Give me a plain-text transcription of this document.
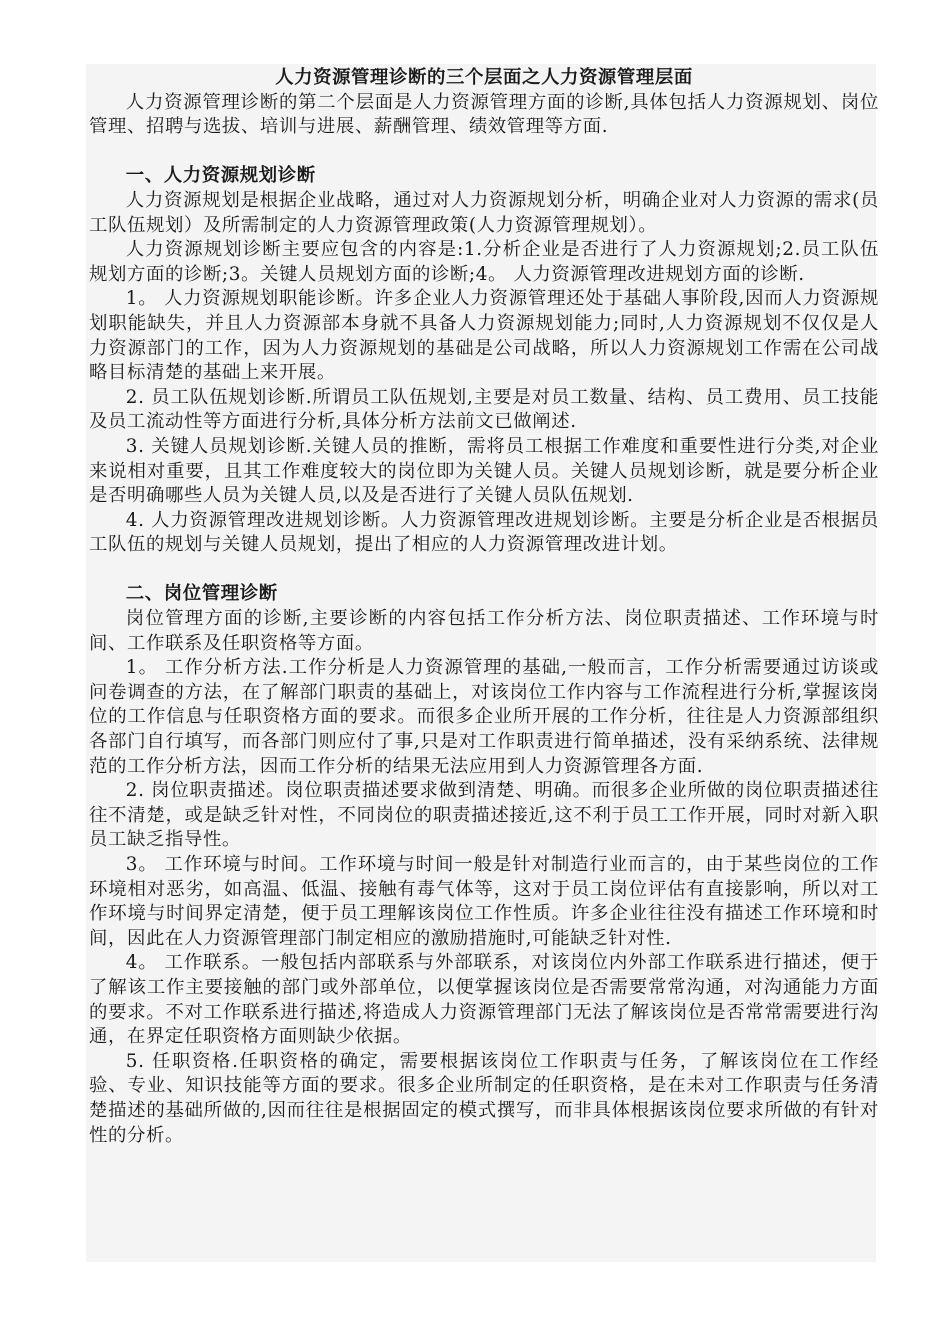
人力资源管理诊断的三个层面之人力资源管理层面

人力资源管理诊断的第二个层面是人力资源管理方面的诊断,具体包括人力资源规划、岗位管理、招聘与选拔、培训与进展、薪酬管理、绩效管理等方面.

一、人力资源规划诊断

人力资源规划是根据企业战略，通过对人力资源规划分析，明确企业对人力资源的需求(员工队伍规划）及所需制定的人力资源管理政策(人力资源管理规划）。

人力资源规划诊断主要应包含的内容是:1.分析企业是否进行了人力资源规划;2.员工队伍规划方面的诊断;3。关键人员规划方面的诊断;4。 人力资源管理改进规划方面的诊断.

1。 人力资源规划职能诊断。许多企业人力资源管理还处于基础人事阶段,因而人力资源规划职能缺失，并且人力资源部本身就不具备人力资源规划能力;同时,人力资源规划不仅仅是人力资源部门的工作，因为人力资源规划的基础是公司战略，所以人力资源规划工作需在公司战略目标清楚的基础上来开展。

2. 员工队伍规划诊断.所谓员工队伍规划,主要是对员工数量、结构、员工费用、员工技能及员工流动性等方面进行分析,具体分析方法前文已做阐述.

3. 关键人员规划诊断.关键人员的推断，需将员工根据工作难度和重要性进行分类,对企业来说相对重要，且其工作难度较大的岗位即为关键人员。关键人员规划诊断，就是要分析企业是否明确哪些人员为关键人员,以及是否进行了关键人员队伍规划.

4. 人力资源管理改进规划诊断。人力资源管理改进规划诊断。主要是分析企业是否根据员工队伍的规划与关键人员规划，提出了相应的人力资源管理改进计划。

二、岗位管理诊断

岗位管理方面的诊断,主要诊断的内容包括工作分析方法、岗位职责描述、工作环境与时间、工作联系及任职资格等方面。

1。 工作分析方法.工作分析是人力资源管理的基础,一般而言，工作分析需要通过访谈或问卷调查的方法，在了解部门职责的基础上，对该岗位工作内容与工作流程进行分析,掌握该岗位的工作信息与任职资格方面的要求。而很多企业所开展的工作分析，往往是人力资源部组织各部门自行填写，而各部门则应付了事,只是对工作职责进行简单描述，没有采纳系统、法律规范的工作分析方法，因而工作分析的结果无法应用到人力资源管理各方面.

2. 岗位职责描述。岗位职责描述要求做到清楚、明确。而很多企业所做的岗位职责描述往往不清楚，或是缺乏针对性，不同岗位的职责描述接近,这不利于员工工作开展，同时对新入职员工缺乏指导性。

3。 工作环境与时间。工作环境与时间一般是针对制造行业而言的，由于某些岗位的工作环境相对恶劣，如高温、低温、接触有毒气体等，这对于员工岗位评估有直接影响，所以对工作环境与时间界定清楚，便于员工理解该岗位工作性质。许多企业往往没有描述工作环境和时间，因此在人力资源管理部门制定相应的激励措施时,可能缺乏针对性.

4。 工作联系。一般包括内部联系与外部联系，对该岗位内外部工作联系进行描述，便于了解该工作主要接触的部门或外部单位，以便掌握该岗位是否需要常常沟通，对沟通能力方面的要求。不对工作联系进行描述,将造成人力资源管理部门无法了解该岗位是否常常需要进行沟通，在界定任职资格方面则缺少依据。

5. 任职资格.任职资格的确定，需要根据该岗位工作职责与任务，了解该岗位在工作经验、专业、知识技能等方面的要求。很多企业所制定的任职资格，是在未对工作职责与任务清楚描述的基础所做的,因而往往是根据固定的模式撰写，而非具体根据该岗位要求所做的有针对性的分析。
